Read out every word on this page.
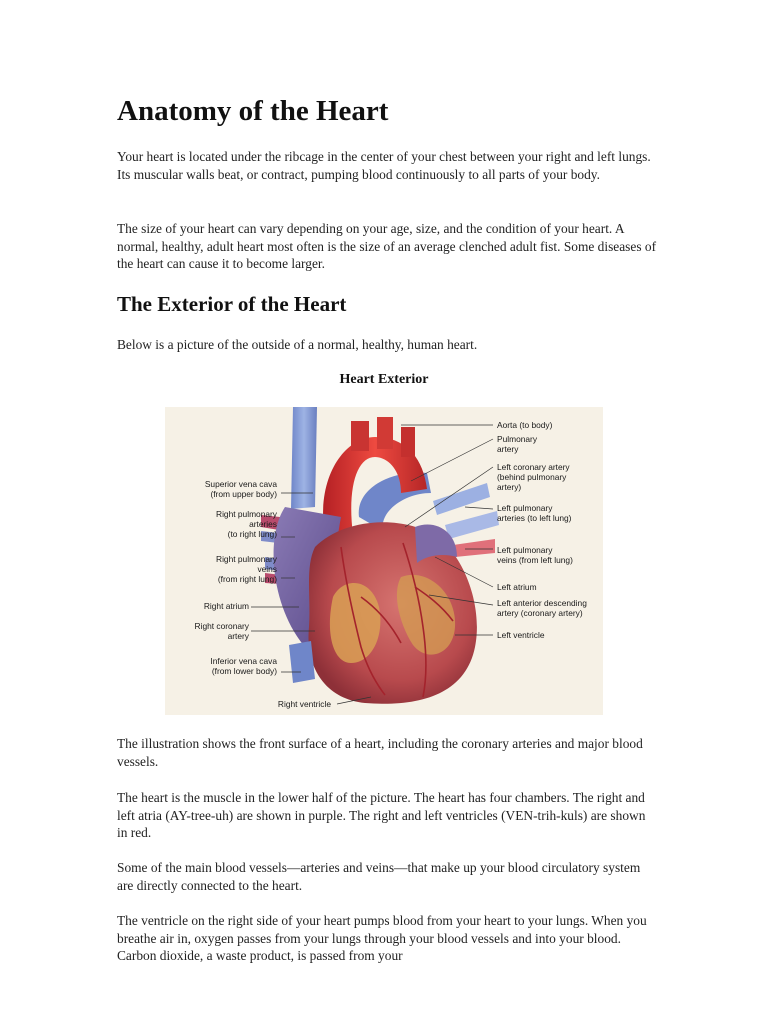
Anatomy of the Heart

Your heart is located under the ribcage in the center of your chest between your right and left lungs. Its muscular walls beat, or contract, pumping blood continuously to all parts of your body.

The size of your heart can vary depending on your age, size, and the condition of your heart. A normal, healthy, adult heart most often is the size of an average clenched adult fist. Some diseases of the heart can cause it to become larger.

The Exterior of the Heart

Below is a picture of the outside of a normal, healthy, human heart.

Heart Exterior

The illustration shows the front surface of a heart, including the coronary arteries and major blood vessels.

The heart is the muscle in the lower half of the picture. The heart has four chambers. The right and left atria (AY-tree-uh) are shown in purple. The right and left ventricles (VEN-trih-kuls) are shown in red.

Some of the main blood vessels—arteries and veins—that make up your blood circulatory system are directly connected to the heart.

The ventricle on the right side of your heart pumps blood from your heart to your lungs. When you breathe air in, oxygen passes from your lungs through your blood vessels and into your blood. Carbon dioxide, a waste product, is passed from your

Superior vena cava
(from upper body)
Right pulmonary
arteries
(to right lung)
Right pulmonary
veins
(from right lung)
Right atrium
Right coronary
artery
Inferior vena cava
(from lower body)
Right ventricle
Aorta (to body)
Pulmonary
artery
Left coronary artery
(behind pulmonary
artery)
Left pulmonary
arteries (to left lung)
Left pulmonary
veins (from left lung)
Left atrium
Left anterior descending
artery (coronary artery)
Left ventricle
